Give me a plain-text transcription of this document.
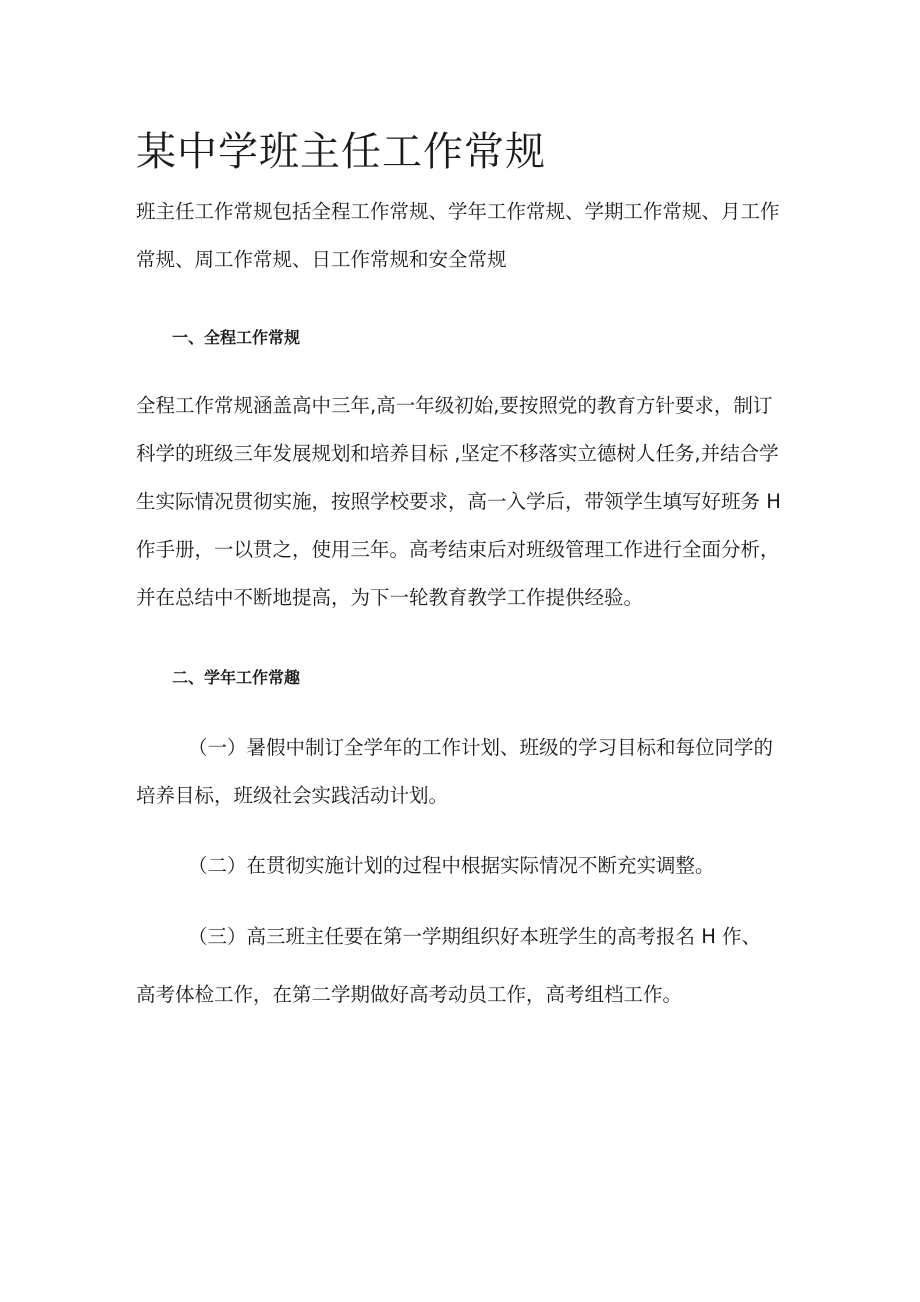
某中学班主任工作常规

班主任工作常规包括全程工作常规、学年工作常规、学期工作常规、月工作
常规、周工作常规、日工作常规和安全常规

一、全程工作常规

全程工作常规涵盖高中三年,高一年级初始,要按照党的教育方针要求，制订
科学的班级三年发展规划和培养目标 ,坚定不移落实立德树人任务,并结合学
生实际情况贯彻实施，按照学校要求，高一入学后，带领学生填写好班务 H
作手册，一以贯之，使用三年。高考结束后对班级管理工作进行全面分析，
并在总结中不断地提高，为下一轮教育教学工作提供经验。

二、学年工作常趣

（一）暑假中制订全学年的工作计划、班级的学习目标和每位同学的
培养目标，班级社会实践活动计划。

（二）在贯彻实施计划的过程中根据实际情况不断充实调整。

（三）高三班主任要在第一学期组织好本班学生的高考报名 H 作、

高考体检工作，在第二学期做好高考动员工作，高考组档工作。
